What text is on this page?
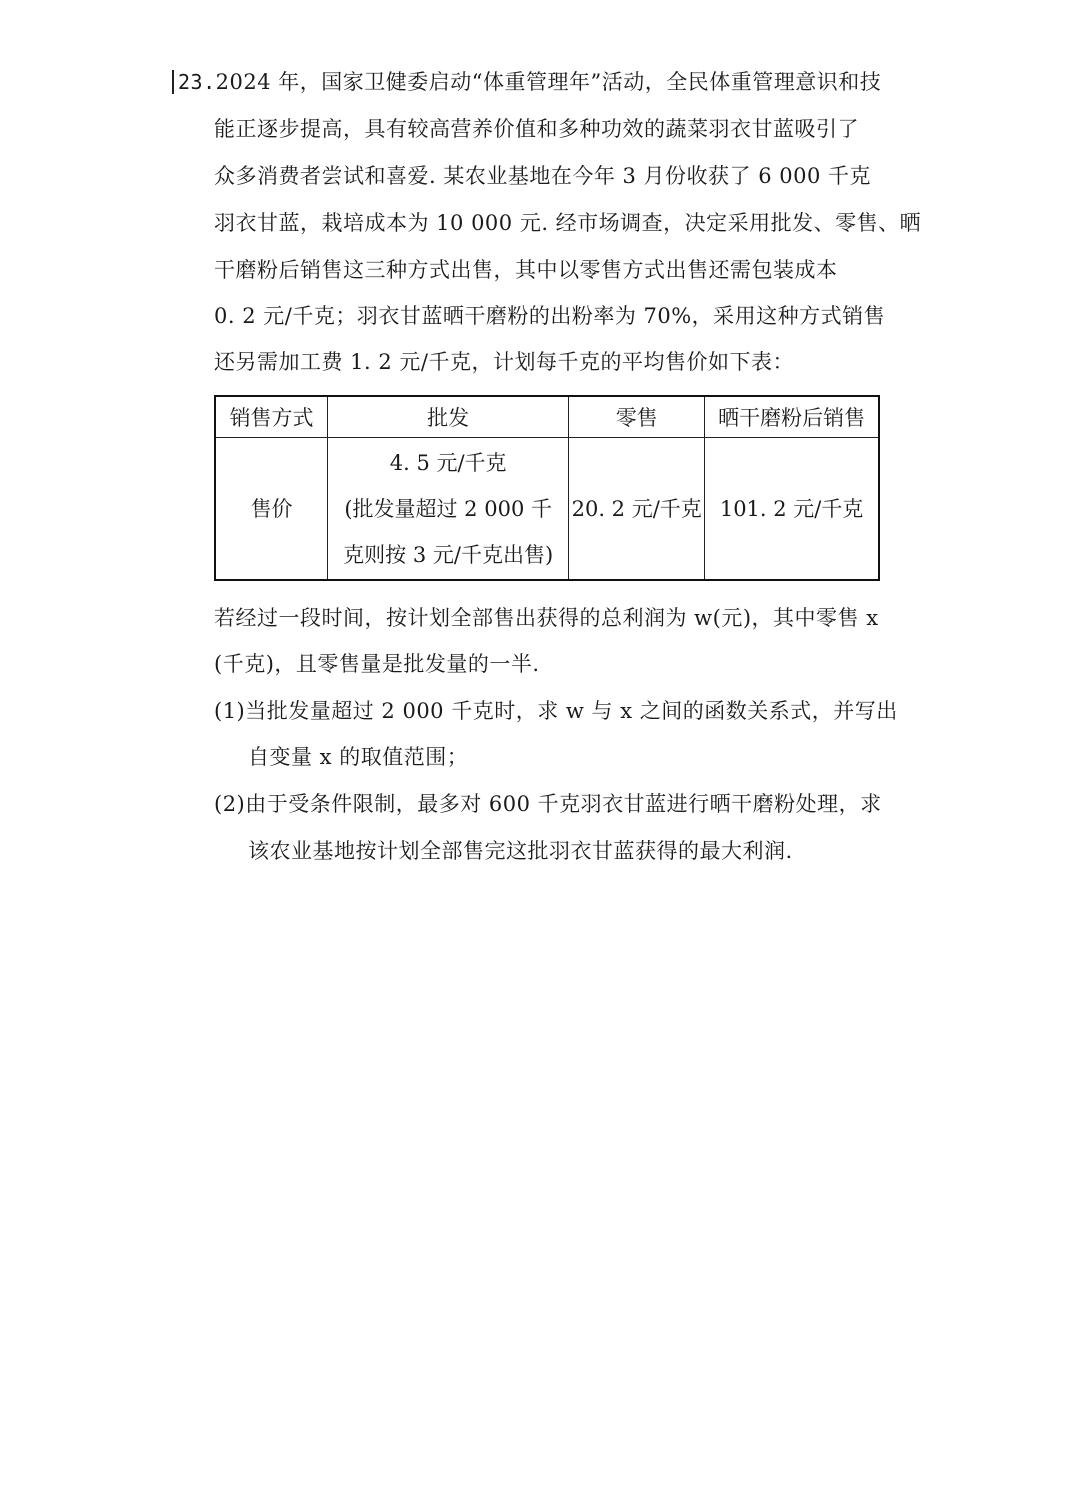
23.2024 年，国家卫健委启动“体重管理年”活动，全民体重管理意识和技
能正逐步提高，具有较高营养价值和多种功效的蔬菜羽衣甘蓝吸引了
众多消费者尝试和喜爱. 某农业基地在今年 3 月份收获了 6 000 千克
羽衣甘蓝，栽培成本为 10 000 元. 经市场调查，决定采用批发、零售、晒
干磨粉后销售这三种方式出售，其中以零售方式出售还需包装成本
0. 2 元/千克；羽衣甘蓝晒干磨粉的出粉率为 70%，采用这种方式销售
还另需加工费 1. 2 元/千克，计划每千克的平均售价如下表：
销售方式	批发	零售	晒干磨粉后销售
售价	4. 5 元/千克
(批发量超过 2 000 千
克则按 3 元/千克出售)	20. 2 元/千克	101. 2 元/千克
若经过一段时间，按计划全部售出获得的总利润为 w(元)，其中零售 x
(千克)，且零售量是批发量的一半.
(1)当批发量超过 2 000 千克时，求 w 与 x 之间的函数关系式，并写出
自变量 x 的取值范围；
(2)由于受条件限制，最多对 600 千克羽衣甘蓝进行晒干磨粉处理，求
该农业基地按计划全部售完这批羽衣甘蓝获得的最大利润.
